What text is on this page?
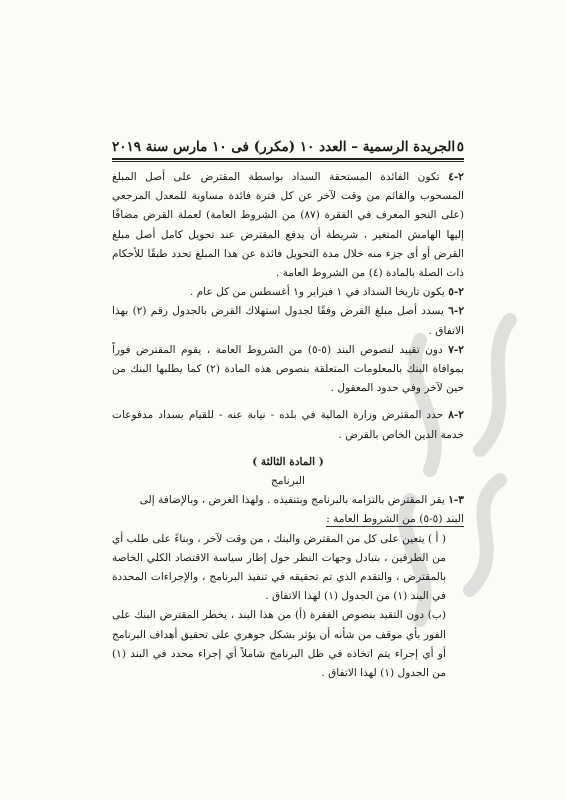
٥
الجريدة الرسمية – العدد ١٠ (مكرر) فى ١٠ مارس سنة ٢٠١٩

٢-٤ تكون الفائدة المستحقة السداد بواسطة المقترض على أصل المبلغ المسحوب والقائم من وقت لآخر عن كل فترة فائدة مساوية للمعدل المرجعي (على النحو المعرف في الفقرة (٨٧) من الشروط العامة) لعملة القرض مضافًا إليها الهامش المتغير ، شريطة أن يدفع المقترض عند تحويل كامل أصل مبلغ القرض أو أى جزء منه خلال مدة التحويل فائدة عن هذا المبلغ تحدد طبقًا للأحكام ذات الصلة بالمادة (٤) من الشروط العامة .

٢-٥ يكون تاريخا السداد في ١ فبراير و١ أغسطس من كل عام .

٢-٦ يسدد أصل مبلغ القرض وفقًا لجدول استهلاك القرض بالجدول رقم (٢) بهذا الاتفاق .

٢-٧ دون تقييد لنصوص البند (٥-٥) من الشروط العامة ، يقوم المقترض فوراً بموافاة البنك بالمعلومات المتعلقة بنصوص هذه المادة (٢) كما يطلبها البنك من حين لآخر وفي حدود المعقول .

٢-٨ حدد المقترض وزارة المالية في بلده - نيابة عنه - للقيام بسداد مدفوعات خدمة الدين الخاص بالقرض .

( المادة الثالثة )

البرنامج

٣-١ يقر المقترض بالتزامه بالبرنامج وبتنفيذه . ولهذا الغرض ، وبالإضافة إلى

البند (٥-٥) من الشروط العامة :

( أ ) يتعين على كل من المقترض والبنك ، من وقت لآخر ، وبناءً على طلب أي من الطرفين ، بتبادل وجهات النظر حول إطار سياسة الاقتصاد الكلي الخاصة بالمقترض ، والتقدم الذي تم تحقيقه في تنفيذ البرنامج ، والإجراءات المحددة في البند (١) من الجدول (١) لهذا الاتفاق .

(ب) دون التقيد بنصوص الفقرة (أ) من هذا البند ، يخطر المقترض البنك على الفور بأي موقف من شأنه أن يؤثر بشكل جوهري على تحقيق أهداف البرنامج أو أي إجراء يتم اتخاذه في ظل البرنامج شاملاً أي إجراء محدد في البند (١) من الجدول (١) لهذا الاتفاق .
